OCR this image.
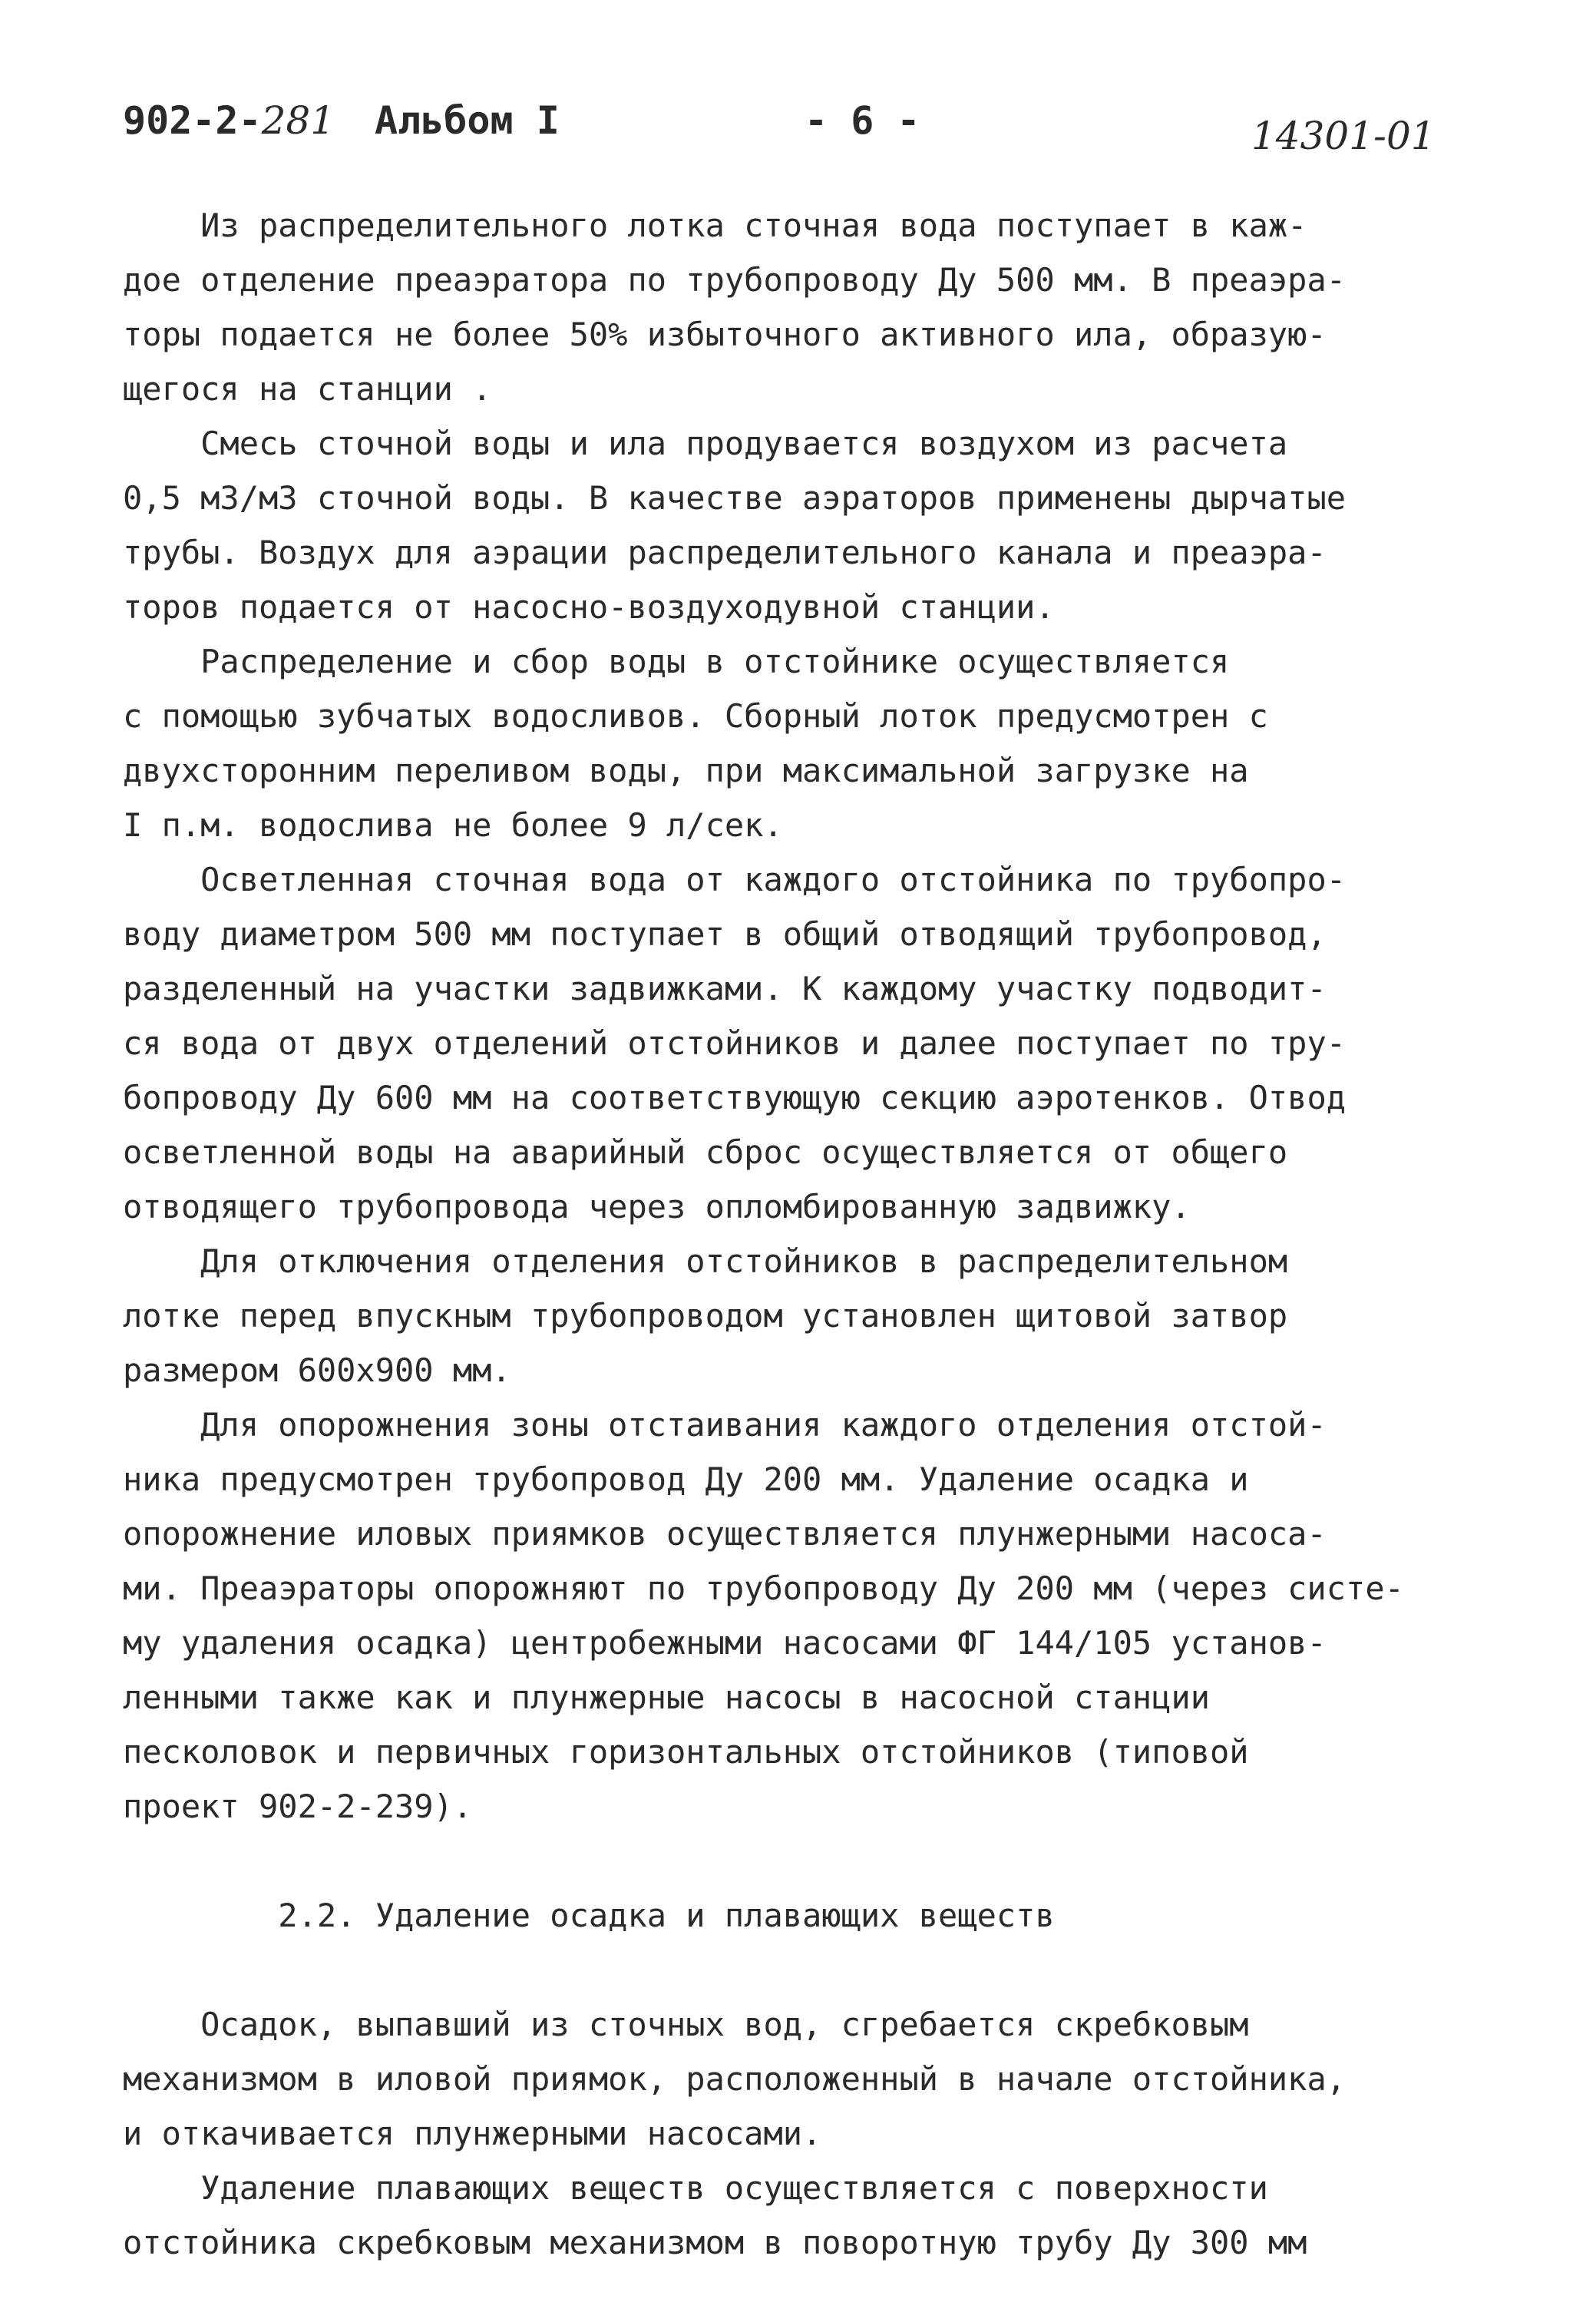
902-2-281 Альбом I	- 6 -	14301-01
Из распределительного лотка сточная вода поступает в каж-
дое отделение преаэратора по трубопроводу Ду 500 мм. В преаэра-
торы подается не более 50% избыточного активного ила, образую-
щегося на станции .
Смесь сточной воды и ила продувается воздухом из расчета
0,5 м3/м3 сточной воды. В качестве аэраторов применены дырчатые
трубы. Воздух для аэрации распределительного канала и преаэра-
торов подается от насосно-воздуходувной станции.
Распределение и сбор воды в отстойнике осуществляется
с помощью зубчатых водосливов. Сборный лоток предусмотрен с
двухсторонним переливом воды, при максимальной загрузке на
I п.м. водослива не более 9 л/сек.
Осветленная сточная вода от каждого отстойника по трубопро-
воду диаметром 500 мм поступает в общий отводящий трубопровод,
разделенный на участки задвижками. К каждому участку подводит-
ся вода от двух отделений отстойников и далее поступает по тру-
бопроводу Ду 600 мм на соответствующую секцию аэротенков. Отвод
осветленной воды на аварийный сброс осуществляется от общего
отводящего трубопровода через опломбированную задвижку.
Для отключения отделения отстойников в распределительном
лотке перед впускным трубопроводом установлен щитовой затвор
размером 600х900 мм.
Для опорожнения зоны отстаивания каждого отделения отстой-
ника предусмотрен трубопровод Ду 200 мм. Удаление осадка и
опорожнение иловых приямков осуществляется плунжерными насоса-
ми. Преаэраторы опорожняют по трубопроводу Ду 200 мм (через систе-
му удаления осадка) центробежными насосами ФГ 144/105 установ-
ленными также как и плунжерные насосы в насосной станции
песколовок и первичных горизонтальных отстойников (типовой
проект 902-2-239).
2.2. Удаление осадка и плавающих веществ
Осадок, выпавший из сточных вод, сгребается скребковым
механизмом в иловой приямок, расположенный в начале отстойника,
и откачивается плунжерными насосами.
Удаление плавающих веществ осуществляется с поверхности
отстойника скребковым механизмом в поворотную трубу Ду 300 мм
